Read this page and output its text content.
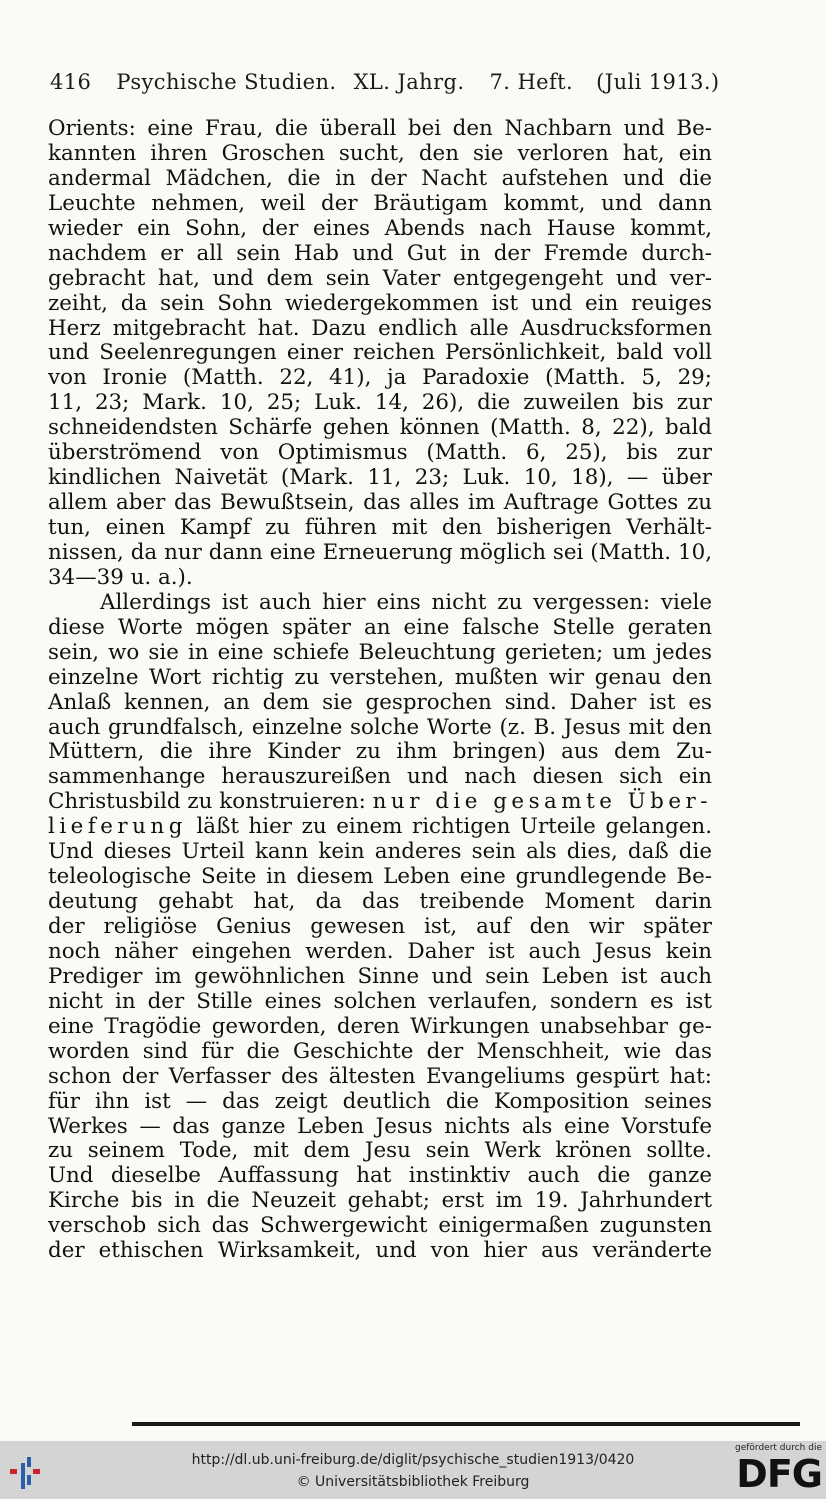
416 Psychische Studien. XL. Jahrg. 7. Heft. (Juli 1913.)
Orients: eine Frau, die überall bei den Nachbarn und Be-
kannten ihren Groschen sucht, den sie verloren hat, ein
andermal Mädchen, die in der Nacht aufstehen und die
Leuchte nehmen, weil der Bräutigam kommt, und dann
wieder ein Sohn, der eines Abends nach Hause kommt,
nachdem er all sein Hab und Gut in der Fremde durch-
gebracht hat, und dem sein Vater entgegengeht und ver-
zeiht, da sein Sohn wiedergekommen ist und ein reuiges
Herz mitgebracht hat. Dazu endlich alle Ausdrucksformen
und Seelenregungen einer reichen Persönlichkeit, bald voll
von Ironie (Matth. 22, 41), ja Paradoxie (Matth. 5, 29;
11, 23; Mark. 10, 25; Luk. 14, 26), die zuweilen bis zur
schneidendsten Schärfe gehen können (Matth. 8, 22), bald
überströmend von Optimismus (Matth. 6, 25), bis zur
kindlichen Naivetät (Mark. 11, 23; Luk. 10, 18), — über
allem aber das Bewußtsein, das alles im Auftrage Gottes zu
tun, einen Kampf zu führen mit den bisherigen Verhält-
nissen, da nur dann eine Erneuerung möglich sei (Matth. 10,
34—39 u. a.).
Allerdings ist auch hier eins nicht zu vergessen: viele
diese Worte mögen später an eine falsche Stelle geraten
sein, wo sie in eine schiefe Beleuchtung gerieten; um jedes
einzelne Wort richtig zu verstehen, mußten wir genau den
Anlaß kennen, an dem sie gesprochen sind. Daher ist es
auch grundfalsch, einzelne solche Worte (z. B. Jesus mit den
Müttern, die ihre Kinder zu ihm bringen) aus dem Zu-
sammenhange herauszureißen und nach diesen sich ein
Christusbild zu konstruieren: nur die gesamte Über-
lieferung läßt hier zu einem richtigen Urteile gelangen.
Und dieses Urteil kann kein anderes sein als dies, daß die
teleologische Seite in diesem Leben eine grundlegende Be-
deutung gehabt hat, da das treibende Moment darin
der religiöse Genius gewesen ist, auf den wir später
noch näher eingehen werden. Daher ist auch Jesus kein
Prediger im gewöhnlichen Sinne und sein Leben ist auch
nicht in der Stille eines solchen verlaufen, sondern es ist
eine Tragödie geworden, deren Wirkungen unabsehbar ge-
worden sind für die Geschichte der Menschheit, wie das
schon der Verfasser des ältesten Evangeliums gespürt hat:
für ihn ist — das zeigt deutlich die Komposition seines
Werkes — das ganze Leben Jesus nichts als eine Vorstufe
zu seinem Tode, mit dem Jesu sein Werk krönen sollte.
Und dieselbe Auffassung hat instinktiv auch die ganze
Kirche bis in die Neuzeit gehabt; erst im 19. Jahrhundert
verschob sich das Schwergewicht einigermaßen zugunsten
der ethischen Wirksamkeit, und von hier aus veränderte
http://dl.ub.uni-freiburg.de/diglit/psychische_studien1913/0420
© Universitätsbibliothek Freiburg
gefördert durch die
DFG
